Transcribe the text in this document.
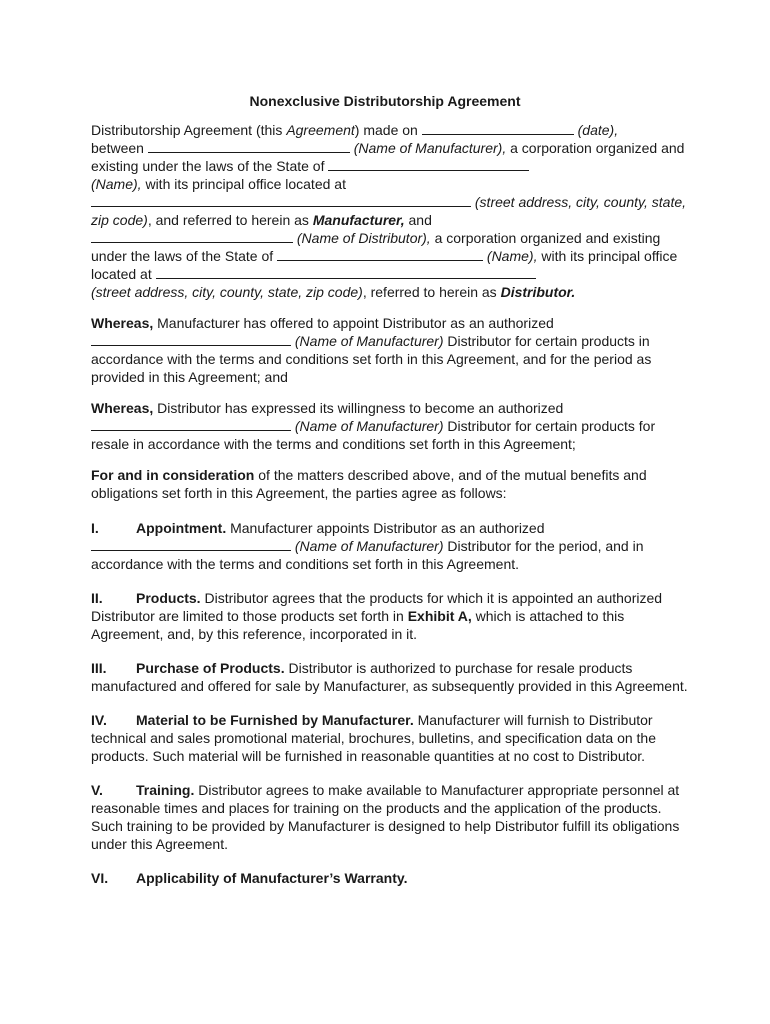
Nonexclusive Distributorship Agreement

Distributorship Agreement (this Agreement) made on	(date),
between	(Name of Manufacturer), a corporation organized and existing under the laws of the State of
(Name), with its principal office located at
(street address, city, county, state, zip code), and referred to herein as Manufacturer, and
(Name of Distributor), a corporation organized and existing under the laws of the State of	(Name), with its principal office located at
(street address, city, county, state, zip code), referred to herein as Distributor.

Whereas, Manufacturer has offered to appoint Distributor as an authorized
(Name of Manufacturer) Distributor for certain products in accordance with the terms and conditions set forth in this Agreement, and for the period as provided in this Agreement; and

Whereas, Distributor has expressed its willingness to become an authorized
(Name of Manufacturer) Distributor for certain products for resale in accordance with the terms and conditions set forth in this Agreement;

For and in consideration of the matters described above, and of the mutual benefits and obligations set forth in this Agreement, the parties agree as follows:

I.	Appointment. Manufacturer appoints Distributor as an authorized
(Name of Manufacturer) Distributor for the period, and in accordance with the terms and conditions set forth in this Agreement.

II. Products. Distributor agrees that the products for which it is appointed an authorized Distributor are limited to those products set forth in Exhibit A, which is attached to this Agreement, and, by this reference, incorporated in it.

III. Purchase of Products. Distributor is authorized to purchase for resale products manufactured and offered for sale by Manufacturer, as subsequently provided in this Agreement.

IV. Material to be Furnished by Manufacturer. Manufacturer will furnish to Distributor technical and sales promotional material, brochures, bulletins, and specification data on the products. Such material will be furnished in reasonable quantities at no cost to Distributor.

V. Training. Distributor agrees to make available to Manufacturer appropriate personnel at reasonable times and places for training on the products and the application of the products. Such training to be provided by Manufacturer is designed to help Distributor fulfill its obligations under this Agreement.

VI. Applicability of Manufacturer’s Warranty.
